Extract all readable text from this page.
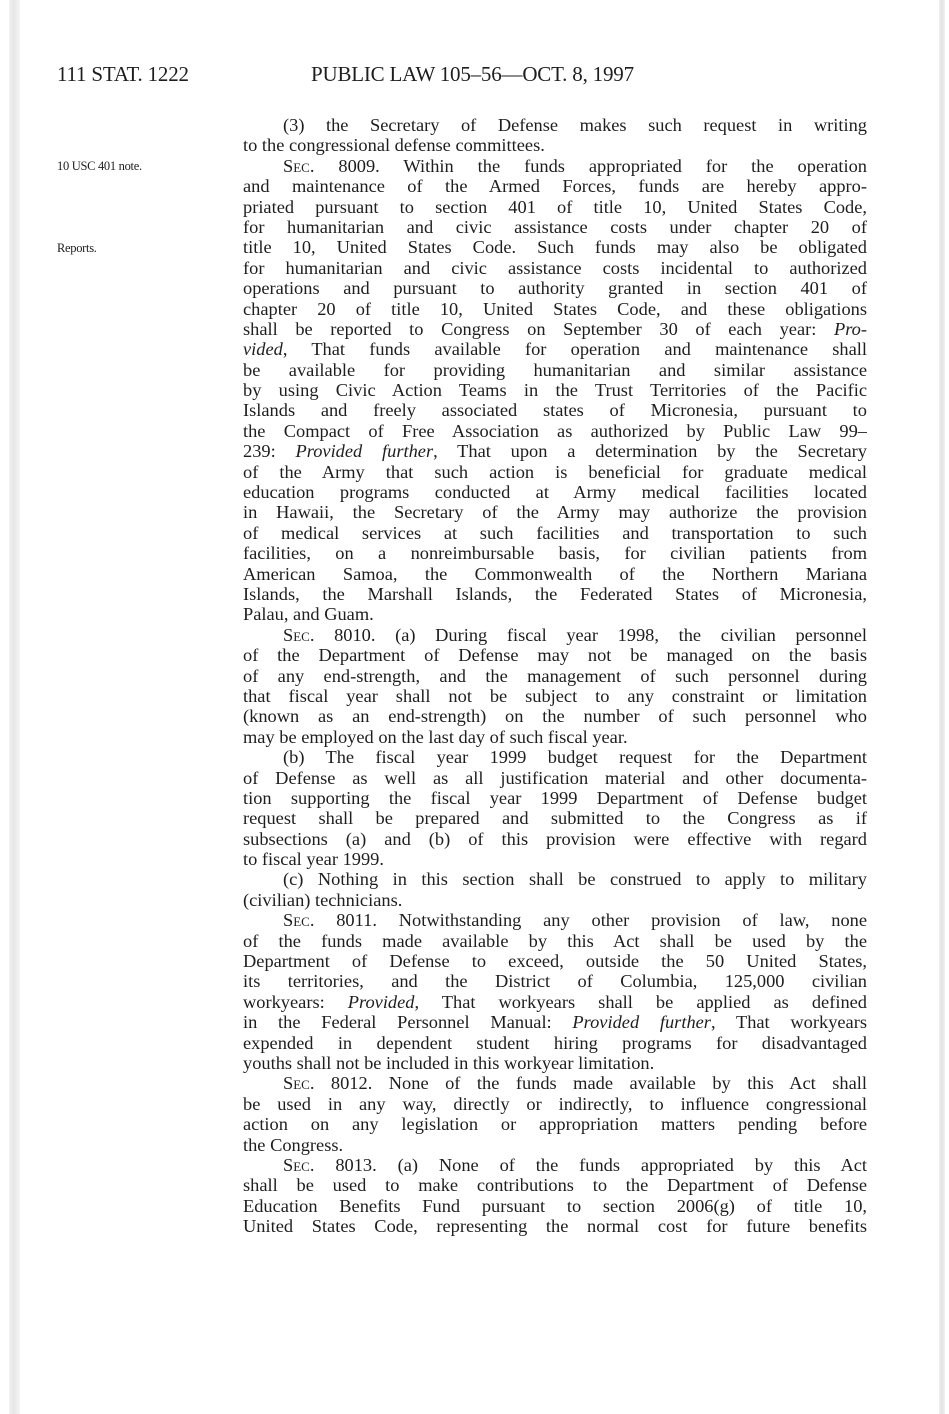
111 STAT. 1222	PUBLIC LAW 105–56—OCT. 8, 1997
10 USC 401 note.
Reports.
(3) the Secretary of Defense makes such request in writing
to the congressional defense committees.
Sec. 8009. Within the funds appropriated for the operation
and maintenance of the Armed Forces, funds are hereby appro-
priated pursuant to section 401 of title 10, United States Code,
for humanitarian and civic assistance costs under chapter 20 of
title 10, United States Code. Such funds may also be obligated
for humanitarian and civic assistance costs incidental to authorized
operations and pursuant to authority granted in section 401 of
chapter 20 of title 10, United States Code, and these obligations
shall be reported to Congress on September 30 of each year: Pro-
vided, That funds available for operation and maintenance shall
be available for providing humanitarian and similar assistance
by using Civic Action Teams in the Trust Territories of the Pacific
Islands and freely associated states of Micronesia, pursuant to
the Compact of Free Association as authorized by Public Law 99–
239: Provided further, That upon a determination by the Secretary
of the Army that such action is beneficial for graduate medical
education programs conducted at Army medical facilities located
in Hawaii, the Secretary of the Army may authorize the provision
of medical services at such facilities and transportation to such
facilities, on a nonreimbursable basis, for civilian patients from
American Samoa, the Commonwealth of the Northern Mariana
Islands, the Marshall Islands, the Federated States of Micronesia,
Palau, and Guam.
Sec. 8010. (a) During fiscal year 1998, the civilian personnel
of the Department of Defense may not be managed on the basis
of any end-strength, and the management of such personnel during
that fiscal year shall not be subject to any constraint or limitation
(known as an end-strength) on the number of such personnel who
may be employed on the last day of such fiscal year.
(b) The fiscal year 1999 budget request for the Department
of Defense as well as all justification material and other documenta-
tion supporting the fiscal year 1999 Department of Defense budget
request shall be prepared and submitted to the Congress as if
subsections (a) and (b) of this provision were effective with regard
to fiscal year 1999.
(c) Nothing in this section shall be construed to apply to military
(civilian) technicians.
Sec. 8011. Notwithstanding any other provision of law, none
of the funds made available by this Act shall be used by the
Department of Defense to exceed, outside the 50 United States,
its territories, and the District of Columbia, 125,000 civilian
workyears: Provided, That workyears shall be applied as defined
in the Federal Personnel Manual: Provided further, That workyears
expended in dependent student hiring programs for disadvantaged
youths shall not be included in this workyear limitation.
Sec. 8012. None of the funds made available by this Act shall
be used in any way, directly or indirectly, to influence congressional
action on any legislation or appropriation matters pending before
the Congress.
Sec. 8013. (a) None of the funds appropriated by this Act
shall be used to make contributions to the Department of Defense
Education Benefits Fund pursuant to section 2006(g) of title 10,
United States Code, representing the normal cost for future benefits
